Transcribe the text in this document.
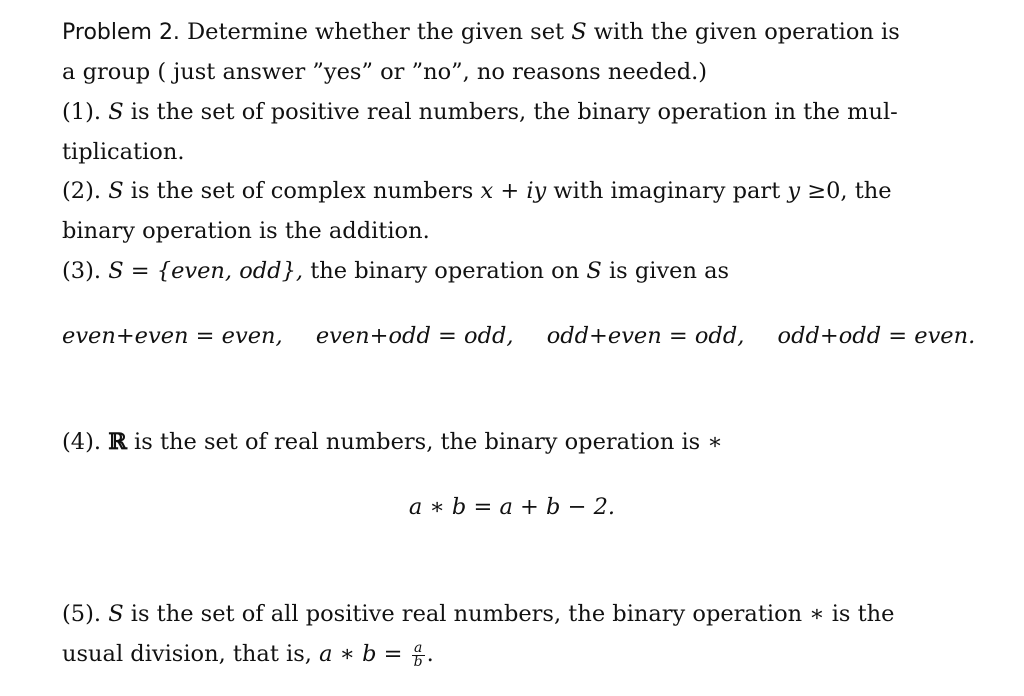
Problem 2. Determine whether the given set S with the given operation is
a group ( just answer ”yes” or ”no”, no reasons needed.)
(1). S is the set of positive real numbers, the binary operation in the mul-
tiplication.
(2). S is the set of complex numbers x + iy with imaginary part y ≥0, the
binary operation is the addition.
(3). S = {even, odd}, the binary operation on S is given as
even+even = even, even+odd = odd, odd+even = odd, odd+odd = even.
(4). ℝ is the set of real numbers, the binary operation is ∗
a ∗ b = a + b − 2.
(5). S is the set of all positive real numbers, the binary operation ∗ is the
usual division, that is, a ∗ $b = \frac{a}{b}$ .
